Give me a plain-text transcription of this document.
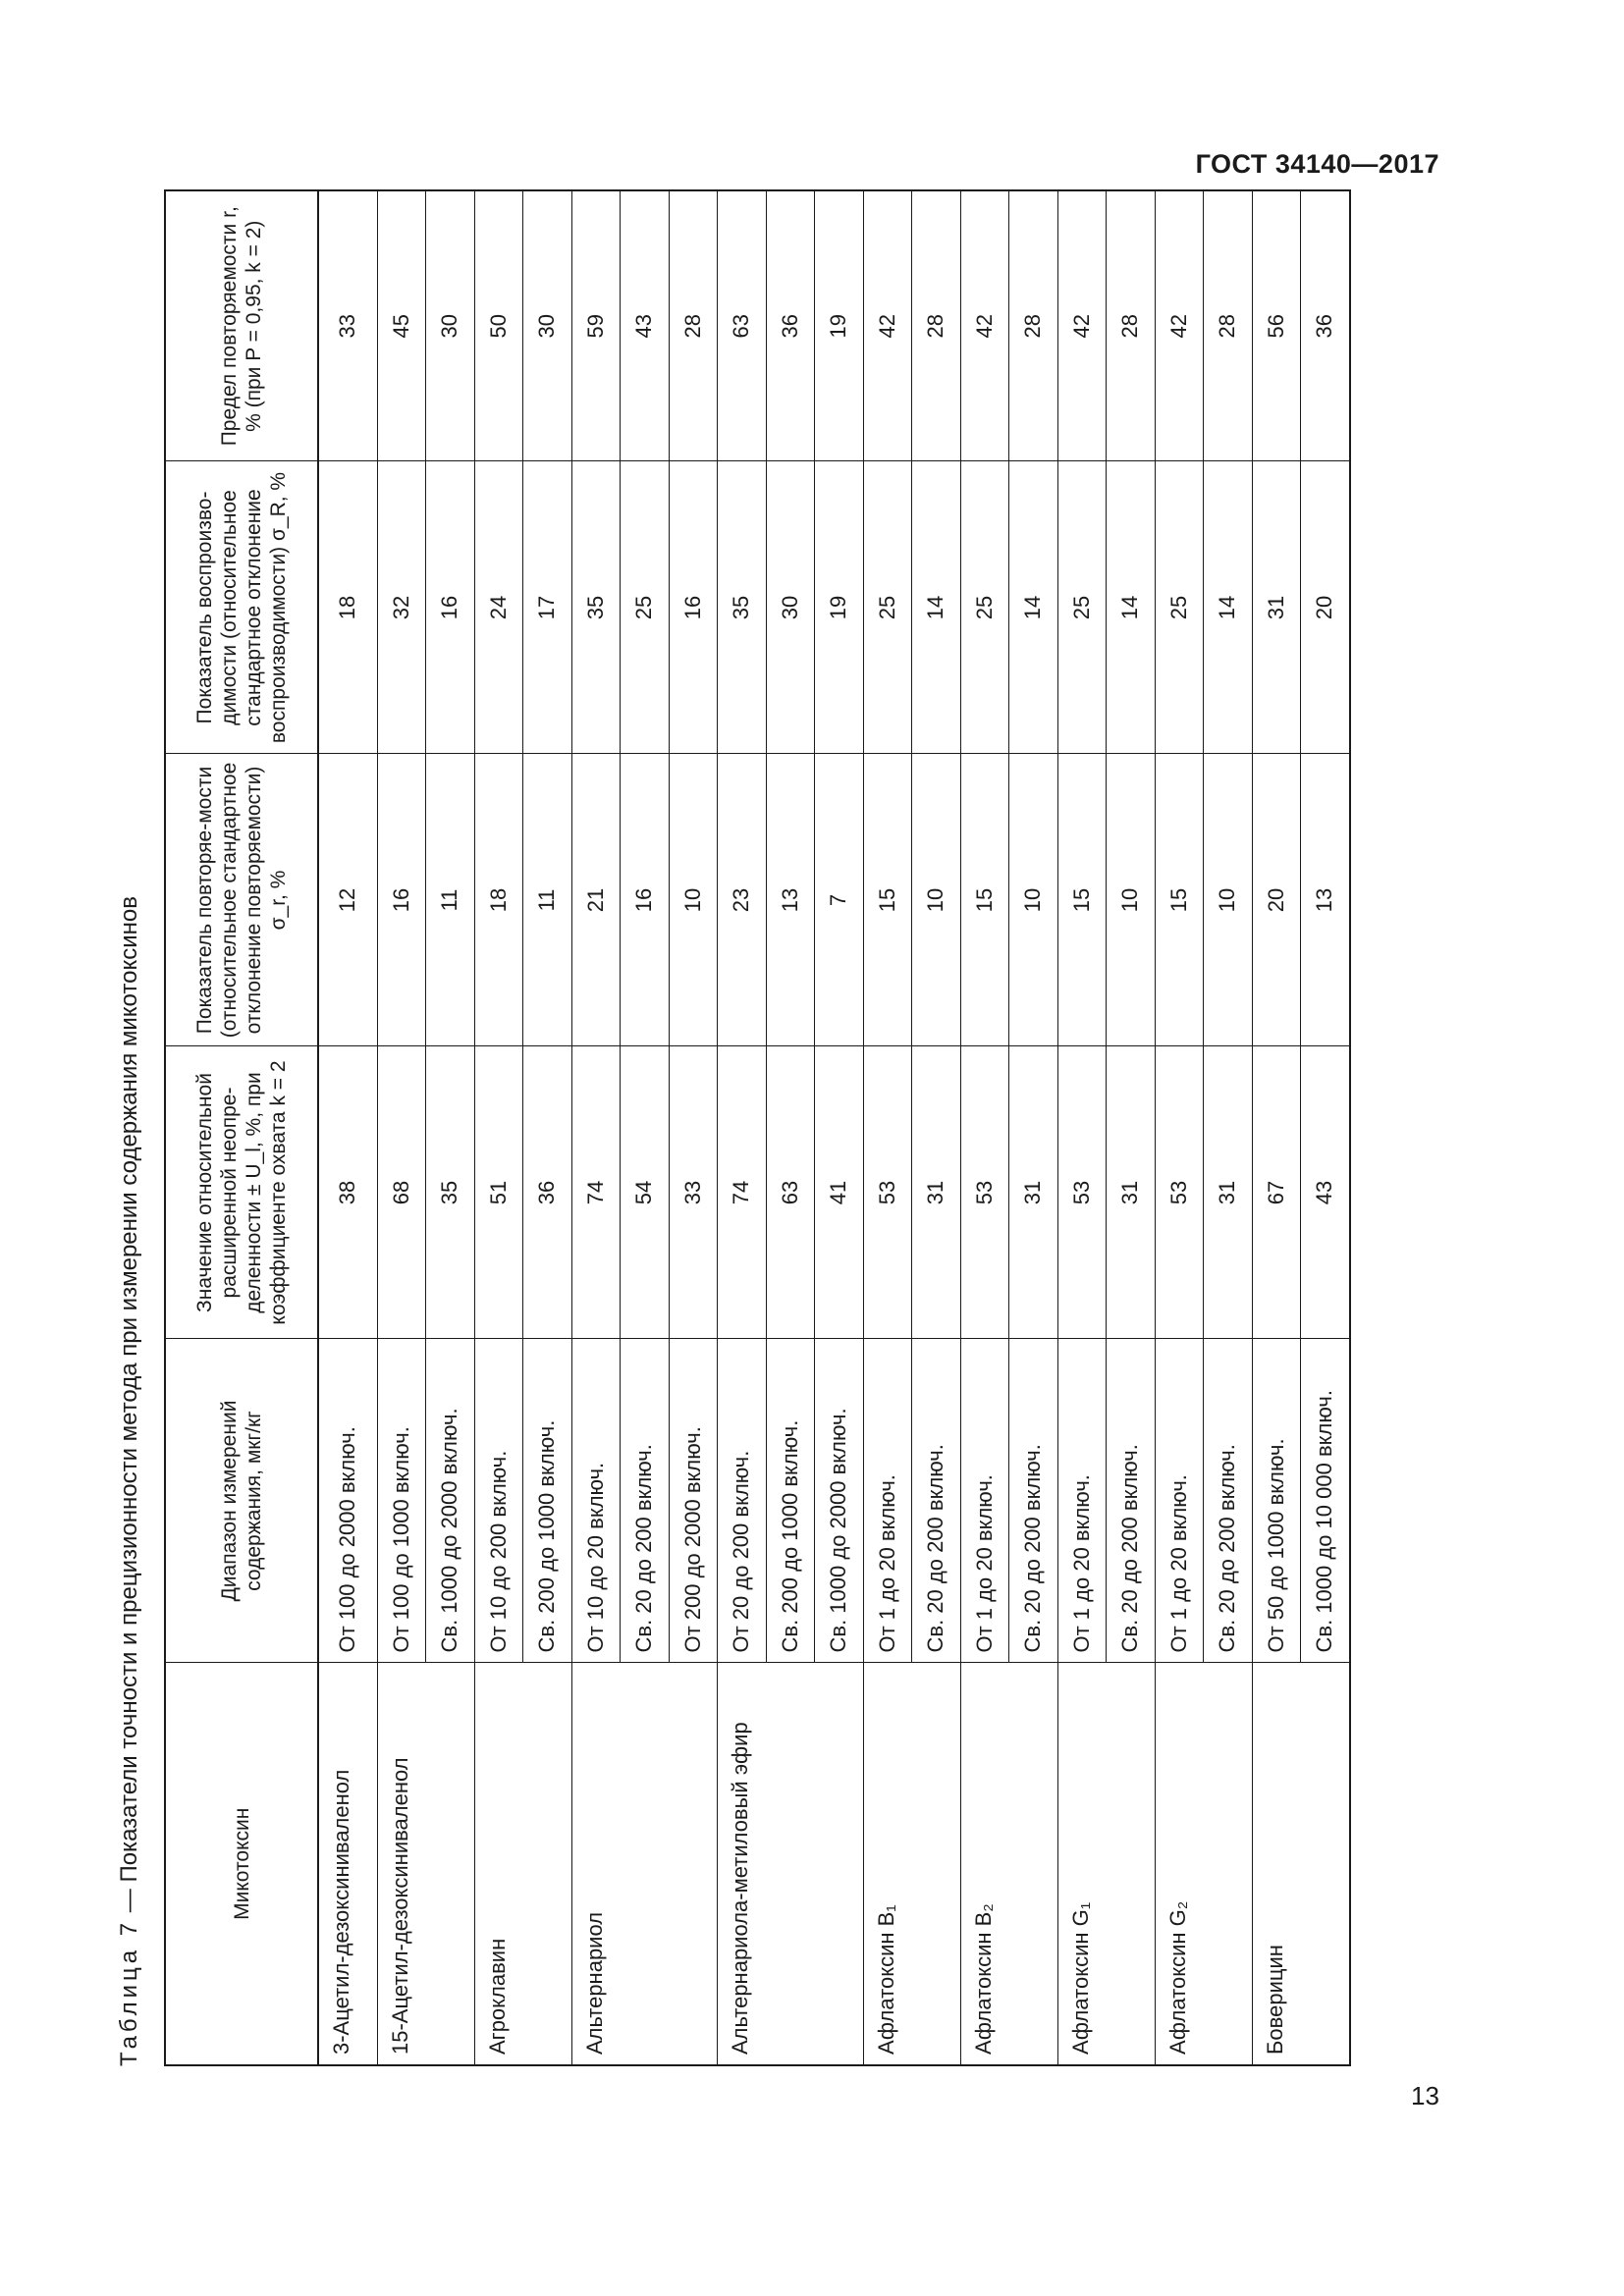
ГОСТ 34140—2017
13
Таблица 7 — Показатели точности и прецизионности метода при измерении содержания микотоксинов	Микотоксин	Диапазон измерений содержания, мкг/кг	Значение относительной расширенной неопре-деленности ± U_l, %, при коэффициенте охвата k = 2	Показатель повторяе-мости (относительное стандартное отклонение повторяемости) σ_r, %	Показатель воспроизво-димости (относительное стандартное отклонение воспроизводимости) σ_R, %	Предел повторяемости r, % (при P = 0,95, k = 2)
3-Ацетил-дезоксиниваленол	От 100 до 2000 включ.	38	12	18	33
15-Ацетил-дезоксиниваленол	От 100 до 1000 включ.	68	16	32	45
	Св. 1000 до 2000 включ.	35	11	16	30
Агроклавин	От 10 до 200 включ.	51	18	24	50
	Св. 200 до 1000 включ.	36	11	17	30
Альтернариол	От 10 до 20 включ.	74	21	35	59
	Св. 20 до 200 включ.	54	16	25	43
	От 200 до 2000 включ.	33	10	16	28
Альтернариола-метиловый эфир	От 20 до 200 включ.	74	23	35	63
	Св. 200 до 1000 включ.	63	13	30	36
	Св. 1000 до 2000 включ.	41	7	19	19
Афлатоксин B₁	От 1 до 20 включ.	53	15	25	42
	Св. 20 до 200 включ.	31	10	14	28
Афлатоксин B₂	От 1 до 20 включ.	53	15	25	42
	Св. 20 до 200 включ.	31	10	14	28
Афлатоксин G₁	От 1 до 20 включ.	53	15	25	42
	Св. 20 до 200 включ.	31	10	14	28
Афлатоксин G₂	От 1 до 20 включ.	53	15	25	42
	Св. 20 до 200 включ.	31	10	14	28
Боверицин	От 50 до 1000 включ.	67	20	31	56
	Св. 1000 до 10 000 включ.	43	13	20	36
